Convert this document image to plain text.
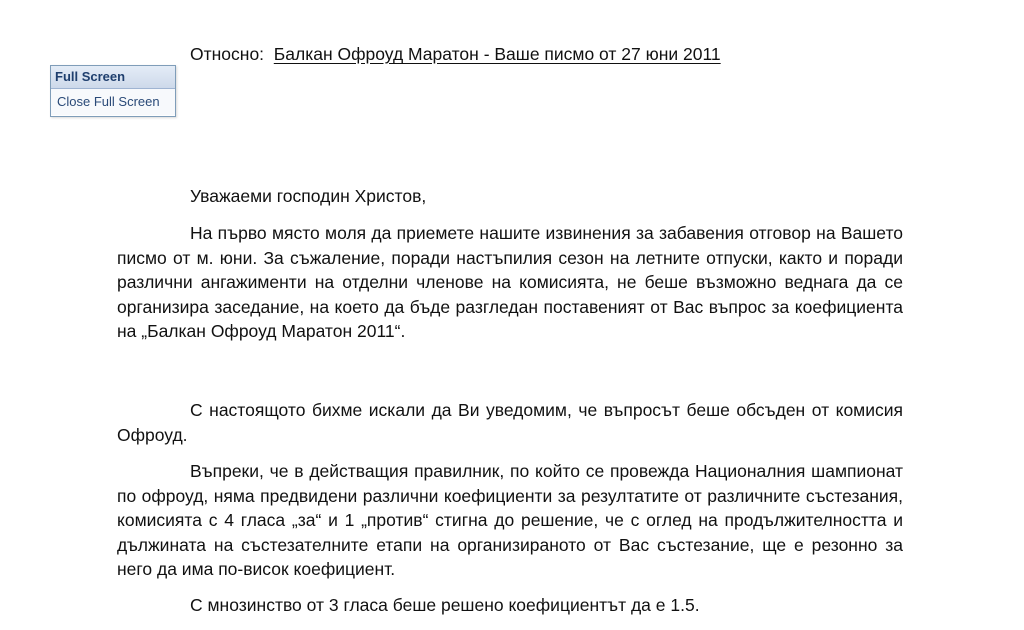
Относно: Балкан Офроуд Маратон - Ваше писмо от 27 юни 2011
Full Screen
Close Full Screen

Уважаеми господин Христов,

На първо място моля да приемете нашите извинения за забавения отговор на Вашето писмо от м. юни. За съжаление, поради настъпилия сезон на летните отпуски, както и поради различни ангажименти на отделни членове на комисията, не беше възможно веднага да се организира заседание, на което да бъде разгледан поставеният от Вас въпрос за коефициента на „Балкан Офроуд Маратон 2011“.

С настоящото бихме искали да Ви уведомим, че въпросът беше обсъден от комисия Офроуд.

Въпреки, че в действащия правилник, по който се провежда Националния шампионат по офроуд, няма предвидени различни коефициенти за резултатите от различните състезания, комисията с 4 гласа „за“ и 1 „против“ стигна до решение, че с оглед на продължителността и дължината на състезателните етапи на организираното от Вас състезание, ще е резонно за него да има по-висок коефициент.

С мнозинство от 3 гласа беше решено коефициентът да е 1.5.
